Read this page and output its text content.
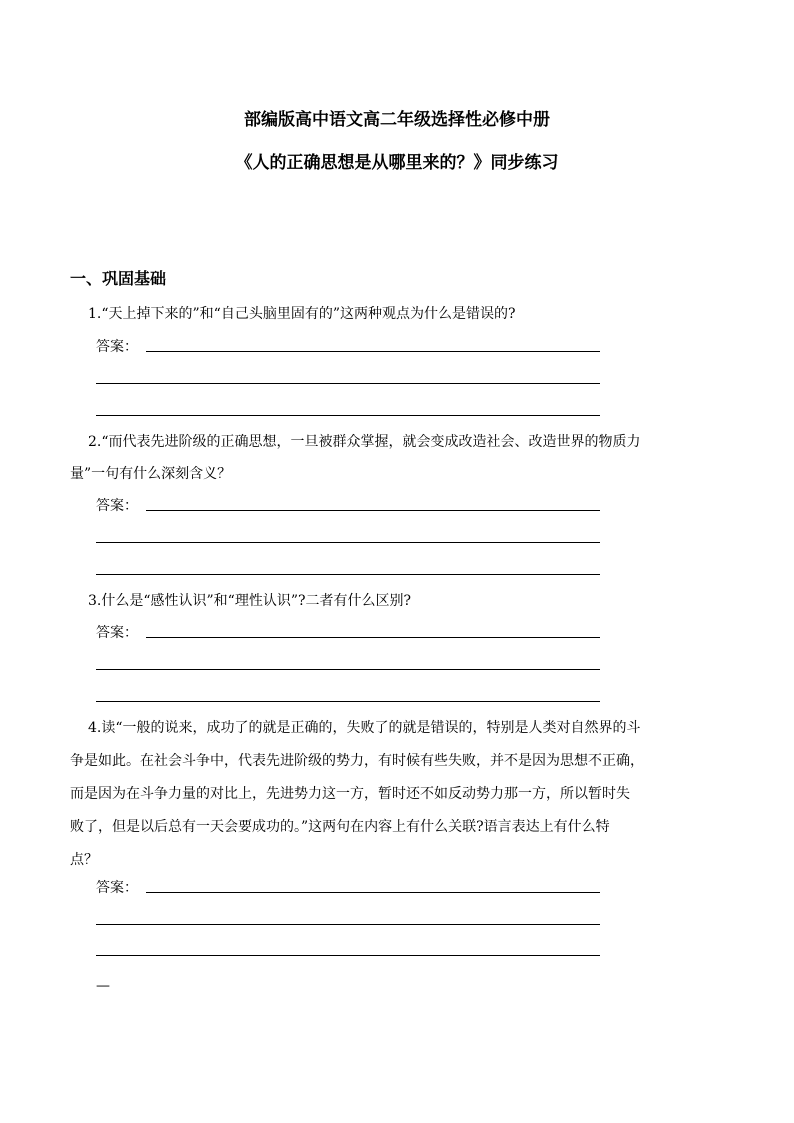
部编版高中语文高二年级选择性必修中册
《人的正确思想是从哪里来的？》同步练习
一、巩固基础
1.“天上掉下来的”和“自己头脑里固有的”这两种观点为什么是错误的?
答案：
2.“而代表先进阶级的正确思想，一旦被群众掌握，就会变成改造社会、改造世界的物质力
量”一句有什么深刻含义？
答案：
3.什么是“感性认识”和“理性认识”?二者有什么区别?
答案：
4.读“一般的说来，成功了的就是正确的，失败了的就是错误的，特别是人类对自然界的斗
争是如此。在社会斗争中，代表先进阶级的势力，有时候有些失败，并不是因为思想不正确，
而是因为在斗争力量的对比上，先进势力这一方，暂时还不如反动势力那一方，所以暂时失
败了，但是以后总有一天会要成功的。”这两句在内容上有什么关联?语言表达上有什么特
点？
答案：
—
